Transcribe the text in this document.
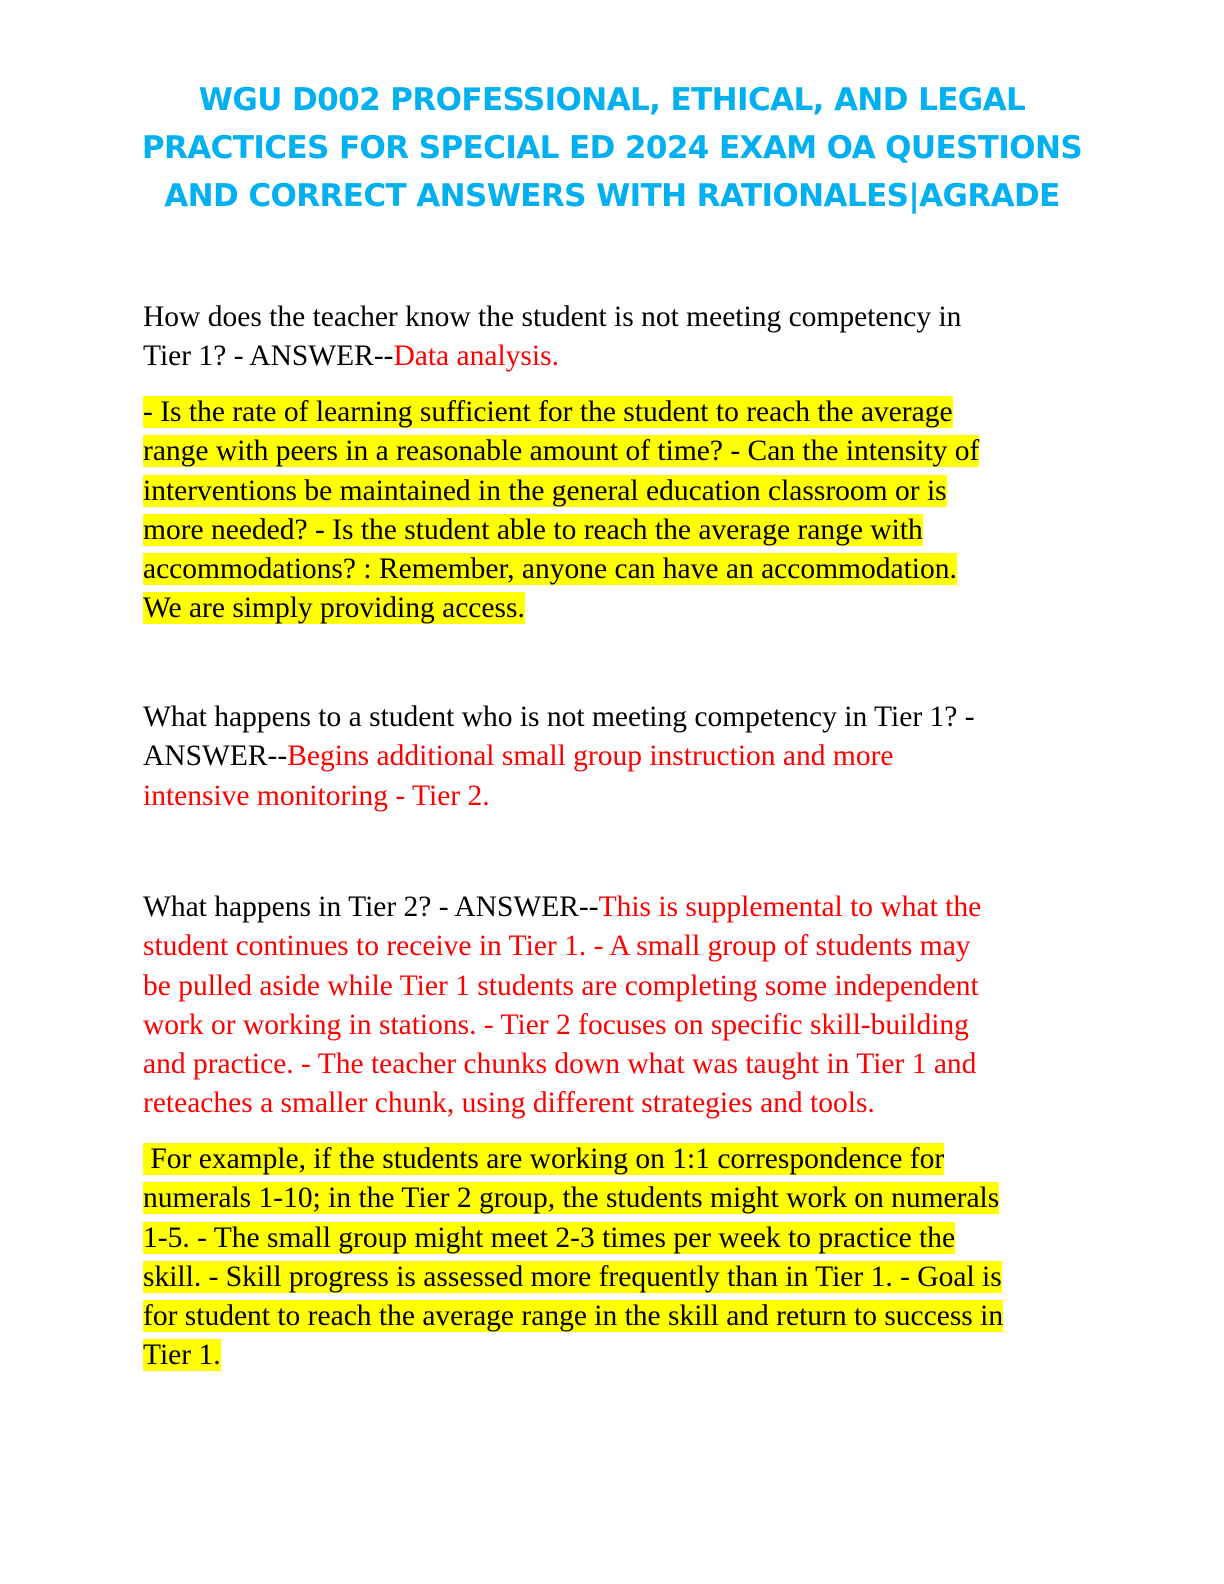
WGU D002 PROFESSIONAL, ETHICAL, AND LEGAL
PRACTICES FOR SPECIAL ED 2024 EXAM OA QUESTIONS
AND CORRECT ANSWERS WITH RATIONALES|AGRADE
How does the teacher know the student is not meeting competency in
Tier 1? - ANSWER--Data analysis.
- Is the rate of learning sufficient for the student to reach the average
range with peers in a reasonable amount of time? - Can the intensity of
interventions be maintained in the general education classroom or is
more needed? - Is the student able to reach the average range with
accommodations? : Remember, anyone can have an accommodation.
We are simply providing access.
What happens to a student who is not meeting competency in Tier 1? -
ANSWER--Begins additional small group instruction and more
intensive monitoring - Tier 2.
What happens in Tier 2? - ANSWER--This is supplemental to what the
student continues to receive in Tier 1. - A small group of students may
be pulled aside while Tier 1 students are completing some independent
work or working in stations. - Tier 2 focuses on specific skill-building
and practice. - The teacher chunks down what was taught in Tier 1 and
reteaches a smaller chunk, using different strategies and tools.
For example, if the students are working on 1:1 correspondence for
numerals 1-10; in the Tier 2 group, the students might work on numerals
1-5. - The small group might meet 2-3 times per week to practice the
skill. - Skill progress is assessed more frequently than in Tier 1. - Goal is
for student to reach the average range in the skill and return to success in
Tier 1.
